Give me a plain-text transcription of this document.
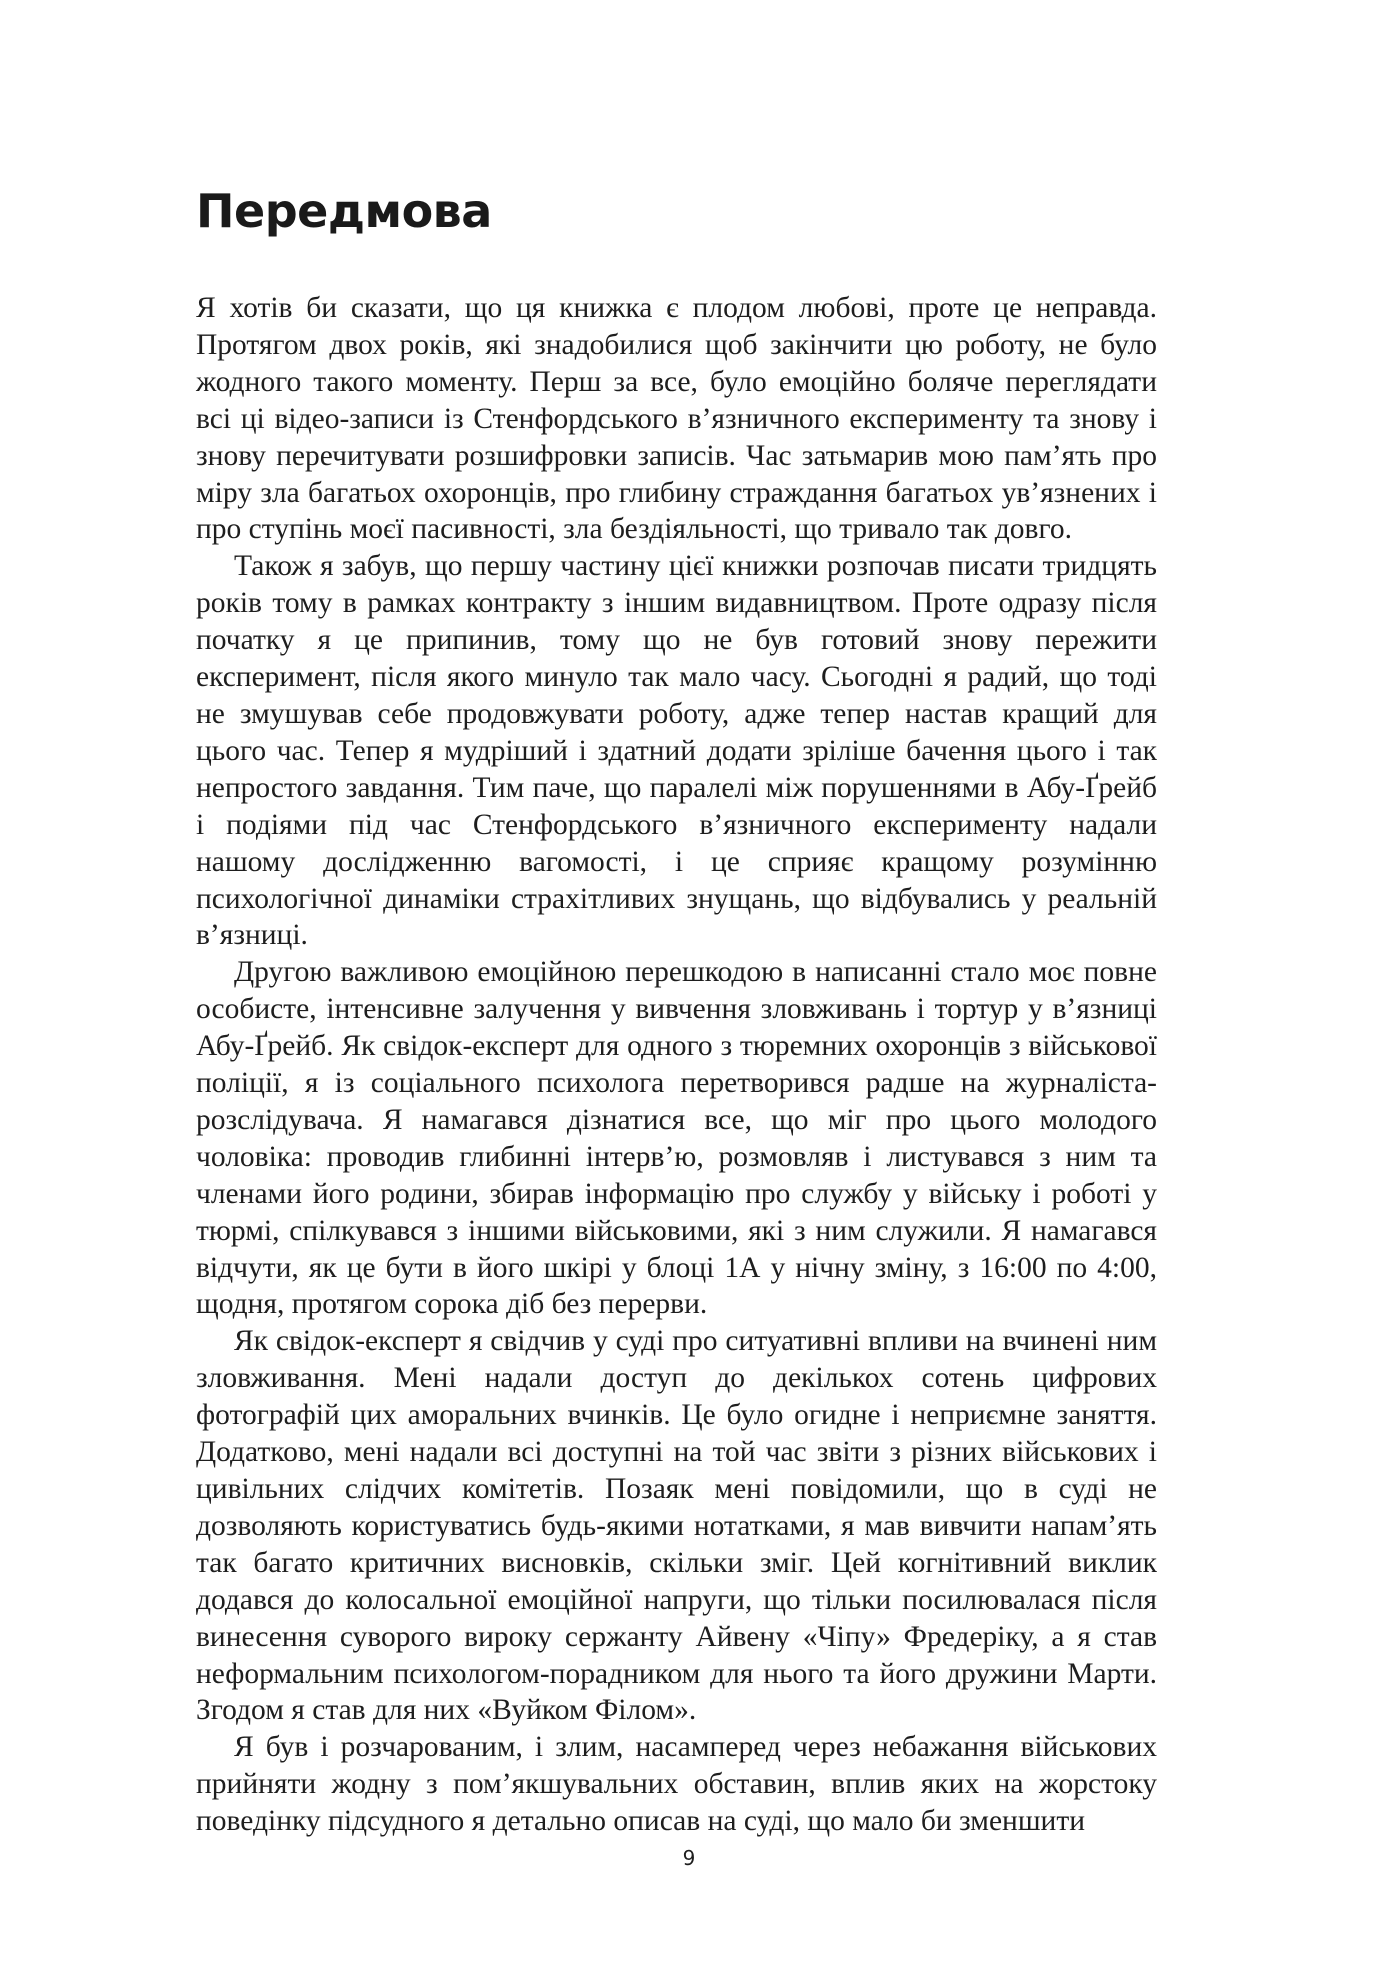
Передмова

Я хотів би сказати, що ця книжка є плодом любові, проте це неправда. Протягом двох років, які знадобилися щоб закінчити цю роботу, не було жодного такого моменту. Перш за все, було емоційно боляче переглядати всі ці відео-записи із Стенфордського в’язничного експерименту та знову і знову перечитувати розшифровки записів. Час затьмарив мою пам’ять про міру зла багатьох охоронців, про глибину страждання багатьох ув’язнених і про ступінь моєї пасивності, зла бездіяльності, що тривало так довго.

Також я забув, що першу частину цієї книжки розпочав писати тридцять років тому в рамках контракту з іншим видавництвом. Проте одразу після початку я це припинив, тому що не був готовий знову пережити експеримент, після якого минуло так мало часу. Сьогодні я радий, що тоді не змушував себе продовжувати роботу, адже тепер настав кращий для цього час. Тепер я мудріший і здатний додати зріліше бачення цього і так непростого завдання. Тим паче, що паралелі між порушеннями в Абу-Ґрейб і подіями під час Стенфордського в’язничного експерименту надали нашому дослідженню вагомості, і це сприяє кращому розумінню психологічної динаміки страхітливих знущань, що відбувались у реальній в’язниці.

Другою важливою емоційною перешкодою в написанні стало моє повне особисте, інтенсивне залучення у вивчення зловживань і тортур у в’язниці Абу-Ґрейб. Як свідок-експерт для одного з тюремних охоронців з військової поліції, я із соціального психолога перетворився радше на журналіста-розслідувача. Я намагався дізнатися все, що міг про цього молодого чоловіка: проводив глибинні інтерв’ю, розмовляв і листувався з ним та членами його родини, збирав інформацію про службу у війську і роботі у тюрмі, спілкувався з іншими військовими, які з ним служили. Я намагався відчути, як це бути в його шкірі у блоці 1А у нічну зміну, з 16:00 по 4:00, щодня, протягом сорока діб без перерви.

Як свідок-експерт я свідчив у суді про ситуативні впливи на вчинені ним зловживання. Мені надали доступ до декількох сотень цифрових фотографій цих аморальних вчинків. Це було огидне і неприємне заняття. Додатково, мені надали всі доступні на той час звіти з різних військових і цивільних слідчих комітетів. Позаяк мені повідомили, що в суді не дозволяють користуватись будь-якими нотатками, я мав вивчити напам’ять так багато критичних висновків, скільки зміг. Цей когнітивний виклик додався до колосальної емоційної напруги, що тільки посилювалася після винесення суворого вироку сержанту Айвену «Чіпу» Фредеріку, а я став неформальним психологом-порадником для нього та його дружини Марти. Згодом я став для них «Вуйком Філом».

Я був і розчарованим, і злим, насамперед через небажання військових прийняти жодну з пом’якшувальних обставин, вплив яких на жорстоку поведінку підсудного я детально описав на суді, що мало би зменшити

9
